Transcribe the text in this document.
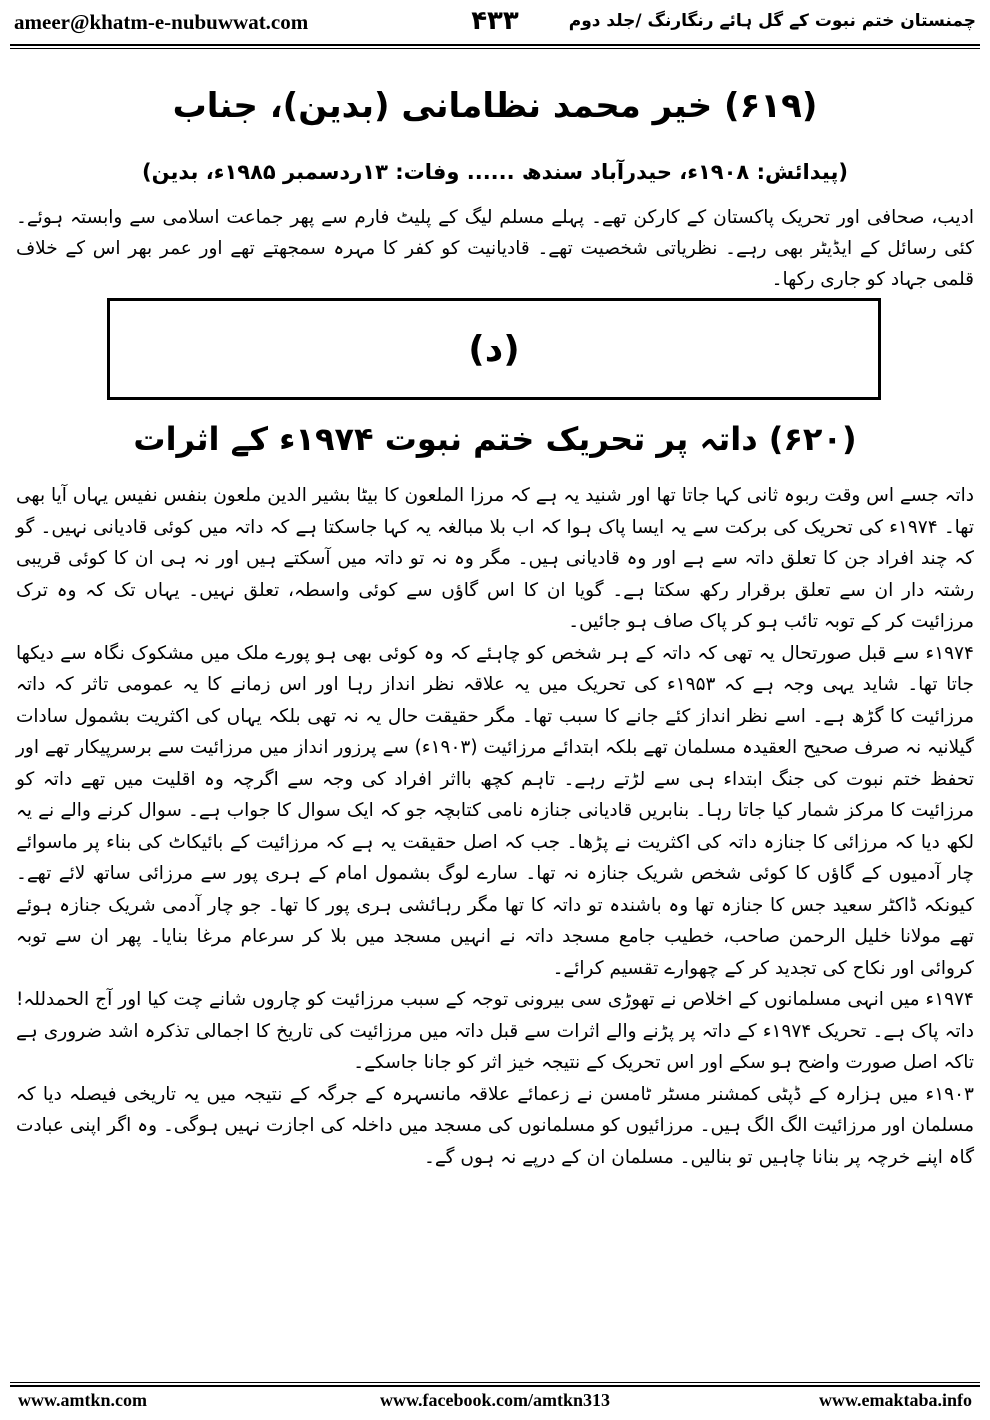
ameer@khatm-e-nubuwwat.com	۴۳۳	چمنستان ختم نبوت کے گل ہائے رنگارنگ /جلد دوم
(۶۱۹) خیر محمد نظامانی (بدین)، جناب
(پیدائش: ۱۹۰۸ء، حیدرآباد سندھ ...... وفات: ۱۳ردسمبر ۱۹۸۵ء، بدین)
ادیب، صحافی اور تحریک پاکستان کے کارکن تھے۔ پہلے مسلم لیگ کے پلیٹ فارم سے پھر جماعت اسلامی سے وابستہ ہوئے۔ کئی رسائل کے ایڈیٹر بھی رہے۔ نظریاتی شخصیت تھے۔ قادیانیت کو کفر کا مہرہ سمجھتے تھے اور عمر بھر اس کے خلاف قلمی جہاد کو جاری رکھا۔
(د)
(۶۲۰) داتہ پر تحریک ختم نبوت ۱۹۷۴ء کے اثرات

داتہ جسے اس وقت ربوہ ثانی کہا جاتا تھا اور شنید یہ ہے کہ مرزا الملعون کا بیٹا بشیر الدین ملعون بنفس نفیس یہاں آیا بھی تھا۔ ۱۹۷۴ء کی تحریک کی برکت سے یہ ایسا پاک ہوا کہ اب بلا مبالغہ یہ کہا جاسکتا ہے کہ داتہ میں کوئی قادیانی نہیں۔ گو کہ چند افراد جن کا تعلق داتہ سے ہے اور وہ قادیانی ہیں۔ مگر وہ نہ تو داتہ میں آسکتے ہیں اور نہ ہی ان کا کوئی قریبی رشتہ دار ان سے تعلق برقرار رکھ سکتا ہے۔ گویا ان کا اس گاؤں سے کوئی واسطہ، تعلق نہیں۔ یہاں تک کہ وہ ترک مرزائیت کر کے توبہ تائب ہو کر پاک صاف ہو جائیں۔

۱۹۷۴ء سے قبل صورتحال یہ تھی کہ داتہ کے ہر شخص کو چاہئے کہ وہ کوئی بھی ہو پورے ملک میں مشکوک نگاہ سے دیکھا جاتا تھا۔ شاید یہی وجہ ہے کہ ۱۹۵۳ء کی تحریک میں یہ علاقہ نظر انداز رہا اور اس زمانے کا یہ عمومی تاثر کہ داتہ مرزائیت کا گڑھ ہے۔ اسے نظر انداز کئے جانے کا سبب تھا۔ مگر حقیقت حال یہ نہ تھی بلکہ یہاں کی اکثریت بشمول سادات گیلانیہ نہ صرف صحیح العقیدہ مسلمان تھے بلکہ ابتدائے مرزائیت (۱۹۰۳ء) سے پرزور انداز میں مرزائیت سے برسرپیکار تھے اور تحفظ ختم نبوت کی جنگ ابتداء ہی سے لڑتے رہے۔ تاہم کچھ بااثر افراد کی وجہ سے اگرچہ وہ اقلیت میں تھے داتہ کو مرزائیت کا مرکز شمار کیا جاتا رہا۔ بنابریں قادیانی جنازہ نامی کتابچہ جو کہ ایک سوال کا جواب ہے۔ سوال کرنے والے نے یہ لکھ دیا کہ مرزائی کا جنازہ داتہ کی اکثریت نے پڑھا۔ جب کہ اصل حقیقت یہ ہے کہ مرزائیت کے بائیکاٹ کی بناء پر ماسوائے چار آدمیوں کے گاؤں کا کوئی شخص شریک جنازہ نہ تھا۔ سارے لوگ بشمول امام کے ہری پور سے مرزائی ساتھ لائے تھے۔ کیونکہ ڈاکٹر سعید جس کا جنازہ تھا وہ باشندہ تو داتہ کا تھا مگر رہائشی ہری پور کا تھا۔ جو چار آدمی شریک جنازہ ہوئے تھے مولانا خلیل الرحمن صاحب، خطیب جامع مسجد داتہ نے انہیں مسجد میں بلا کر سرعام مرغا بنایا۔ پھر ان سے توبہ کروائی اور نکاح کی تجدید کر کے چھوارے تقسیم کرائے۔

۱۹۷۴ء میں انہی مسلمانوں کے اخلاص نے تھوڑی سی بیرونی توجہ کے سبب مرزائیت کو چاروں شانے چت کیا اور آج الحمدللہ! داتہ پاک ہے۔ تحریک ۱۹۷۴ء کے داتہ پر پڑنے والے اثرات سے قبل داتہ میں مرزائیت کی تاریخ کا اجمالی تذکرہ اشد ضروری ہے تاکہ اصل صورت واضح ہو سکے اور اس تحریک کے نتیجہ خیز اثر کو جانا جاسکے۔

۱۹۰۳ء میں ہزارہ کے ڈپٹی کمشنر مسٹر ٹامسن نے زعمائے علاقہ مانسہرہ کے جرگہ کے نتیجہ میں یہ تاریخی فیصلہ دیا کہ مسلمان اور مرزائیت الگ الگ ہیں۔ مرزائیوں کو مسلمانوں کی مسجد میں داخلہ کی اجازت نہیں ہوگی۔ وہ اگر اپنی عبادت گاہ اپنے خرچہ پر بنانا چاہیں تو بنالیں۔ مسلمان ان کے درپے نہ ہوں گے۔

www.amtkn.com	www.facebook.com/amtkn313	www.emaktaba.info
